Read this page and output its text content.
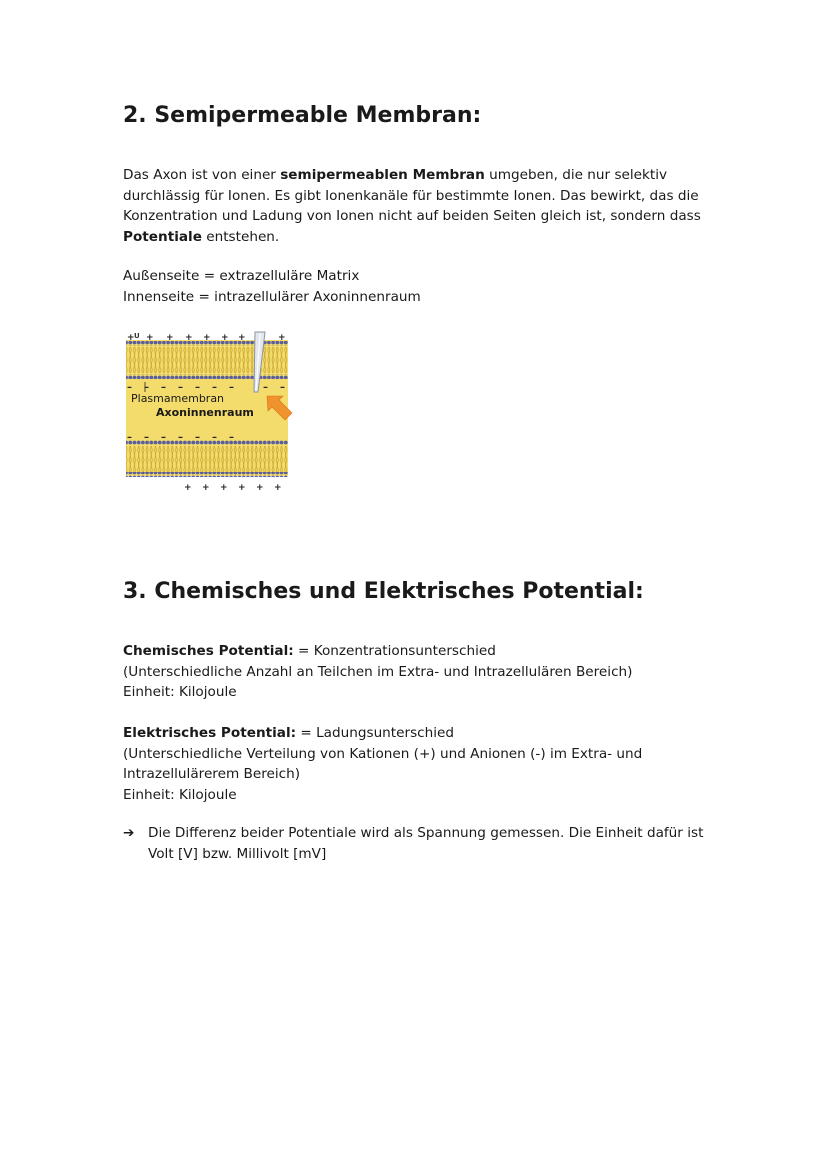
2. Semipermeable Membran:

Das Axon ist von einer semipermeablen Membran umgeben, die nur selektiv durchlässig für Ionen. Es gibt Ionenkanäle für bestimmte Ionen. Das bewirkt, das die Konzentration und Ladung von Ionen nicht auf beiden Seiten gleich ist, sondern dass Potentiale entstehen.

Außenseite = extrazelluläre Matrix

Innenseite = intrazellulärer Axoninnenraum

U
+ + + + + + +	+
– – – – – – –	– –
Plasmamembran
Axoninnenraum
– – – – – – –
+ + + + + +
3. Chemisches und Elektrisches Potential:

Chemisches Potential: = Konzentrationsunterschied

(Unterschiedliche Anzahl an Teilchen im Extra- und Intrazellulären Bereich)

Einheit: Kilojoule

Elektrisches Potential: = Ladungsunterschied

(Unterschiedliche Verteilung von Kationen (+) und Anionen (-) im Extra- und Intrazellulärerem Bereich)

Einheit: Kilojoule

➔ Die Differenz beider Potentiale wird als Spannung gemessen. Die Einheit dafür ist Volt [V] bzw. Millivolt [mV]
